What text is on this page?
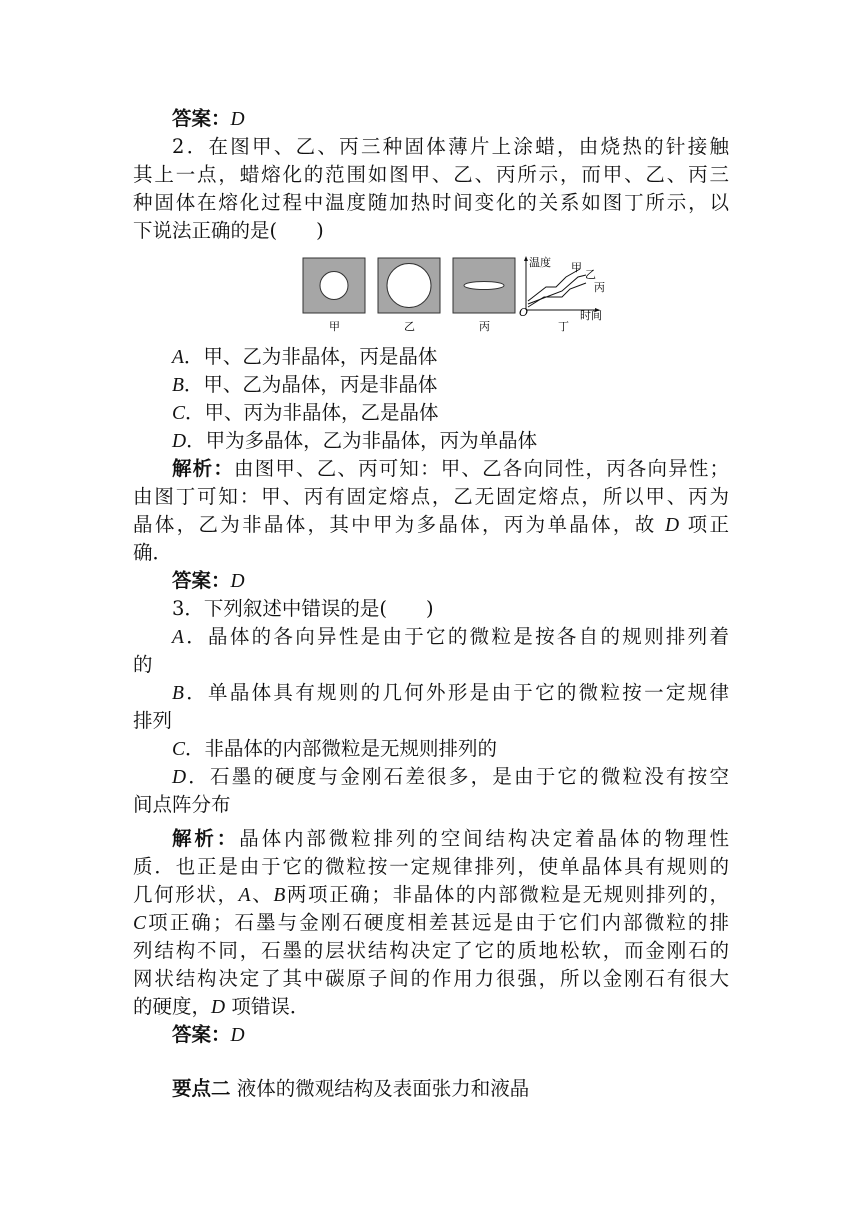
答案：D
2．在图甲、乙、丙三种固体薄片上涂蜡，由烧热的针接触
其上一点，蜡熔化的范围如图甲、乙、丙所示，而甲、乙、丙三
种固体在熔化过程中温度随加热时间变化的关系如图丁所示，以
下说法正确的是(　　)
温度
时间
O
甲
乙
丙
甲	乙	丙	丁
A．甲、乙为非晶体，丙是晶体
B．甲、乙为晶体，丙是非晶体
C．甲、丙为非晶体，乙是晶体
D．甲为多晶体，乙为非晶体，丙为单晶体
解析：由图甲、乙、丙可知：甲、乙各向同性，丙各向异性；
由图丁可知：甲、丙有固定熔点，乙无固定熔点，所以甲、丙为
晶体，乙为非晶体，其中甲为多晶体，丙为单晶体，故 D 项正
确．
答案：D
3．下列叙述中错误的是(　　)
A．晶体的各向异性是由于它的微粒是按各自的规则排列着
的
B．单晶体具有规则的几何外形是由于它的微粒按一定规律
排列
C．非晶体的内部微粒是无规则排列的
D．石墨的硬度与金刚石差很多，是由于它的微粒没有按空
间点阵分布
解析：晶体内部微粒排列的空间结构决定着晶体的物理性
质．也正是由于它的微粒按一定规律排列，使单晶体具有规则的
几何形状，A、B两项正确；非晶体的内部微粒是无规则排列的，
C项正确；石墨与金刚石硬度相差甚远是由于它们内部微粒的排
列结构不同，石墨的层状结构决定了它的质地松软，而金刚石的
网状结构决定了其中碳原子间的作用力很强，所以金刚石有很大
的硬度，D 项错误．
答案：D
要点二 液体的微观结构及表面张力和液晶
